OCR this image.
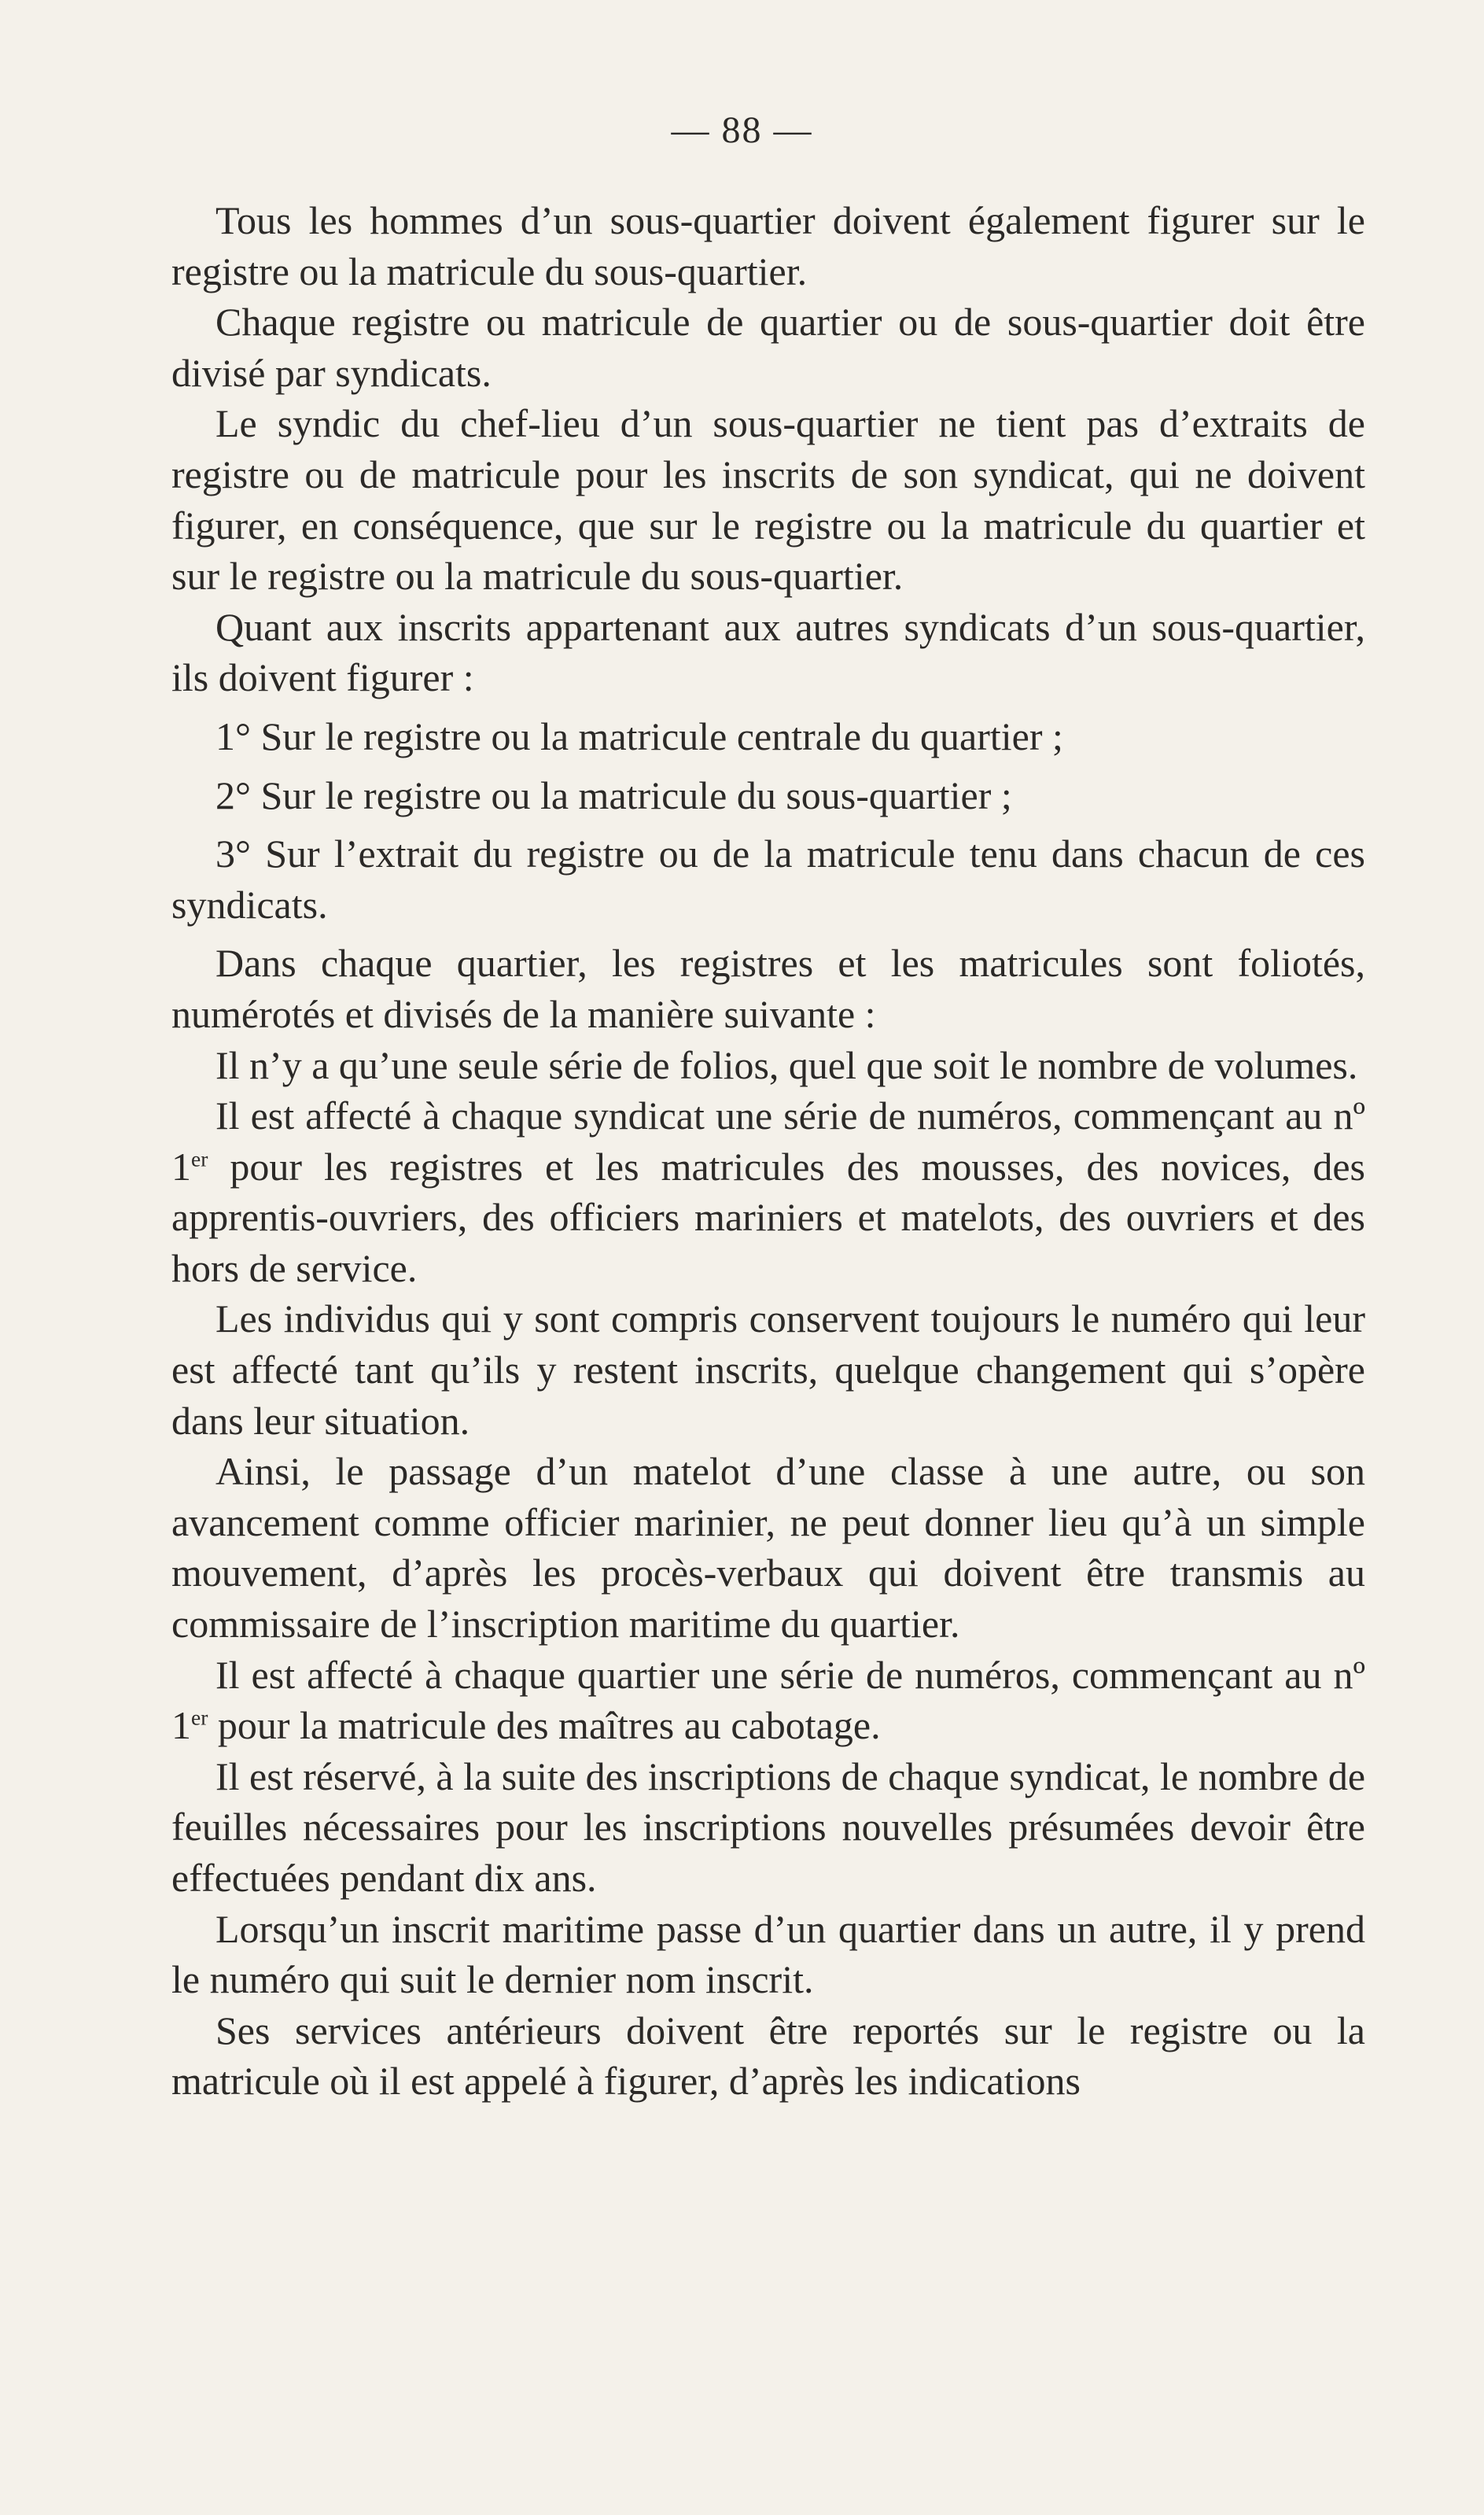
— 88 —

Tous les hommes d’un sous-quartier doivent également figurer sur le registre ou la matricule du sous-quartier.

Chaque registre ou matricule de quartier ou de sous-quartier doit être divisé par syndicats.

Le syndic du chef-lieu d’un sous-quartier ne tient pas d’extraits de registre ou de matricule pour les inscrits de son syndicat, qui ne doivent figurer, en conséquence, que sur le registre ou la matricule du quartier et sur le registre ou la matricule du sous-quartier.

Quant aux inscrits appartenant aux autres syndicats d’un sous-quartier, ils doivent figurer :

1° Sur le registre ou la matricule centrale du quartier ;

2° Sur le registre ou la matricule du sous-quartier ;

3° Sur l’extrait du registre ou de la matricule tenu dans chacun de ces syndicats.

Dans chaque quartier, les registres et les matricules sont foliotés, numérotés et divisés de la manière suivante :

Il n’y a qu’une seule série de folios, quel que soit le nombre de volumes.

Il est affecté à chaque syndicat une série de numéros, commençant au nº 1er pour les registres et les matricules des mousses, des novices, des apprentis-ouvriers, des officiers mariniers et matelots, des ouvriers et des hors de service.

Les individus qui y sont compris conservent toujours le numéro qui leur est affecté tant qu’ils y restent inscrits, quelque changement qui s’opère dans leur situation.

Ainsi, le passage d’un matelot d’une classe à une autre, ou son avancement comme officier marinier, ne peut donner lieu qu’à un simple mouvement, d’après les procès-verbaux qui doivent être transmis au commissaire de l’inscription maritime du quartier.

Il est affecté à chaque quartier une série de numéros, commençant au nº 1er pour la matricule des maîtres au cabotage.

Il est réservé, à la suite des inscriptions de chaque syndicat, le nombre de feuilles nécessaires pour les inscriptions nouvelles présumées devoir être effectuées pendant dix ans.

Lorsqu’un inscrit maritime passe d’un quartier dans un autre, il y prend le numéro qui suit le dernier nom inscrit.

Ses services antérieurs doivent être reportés sur le registre ou la matricule où il est appelé à figurer, d’après les indications
